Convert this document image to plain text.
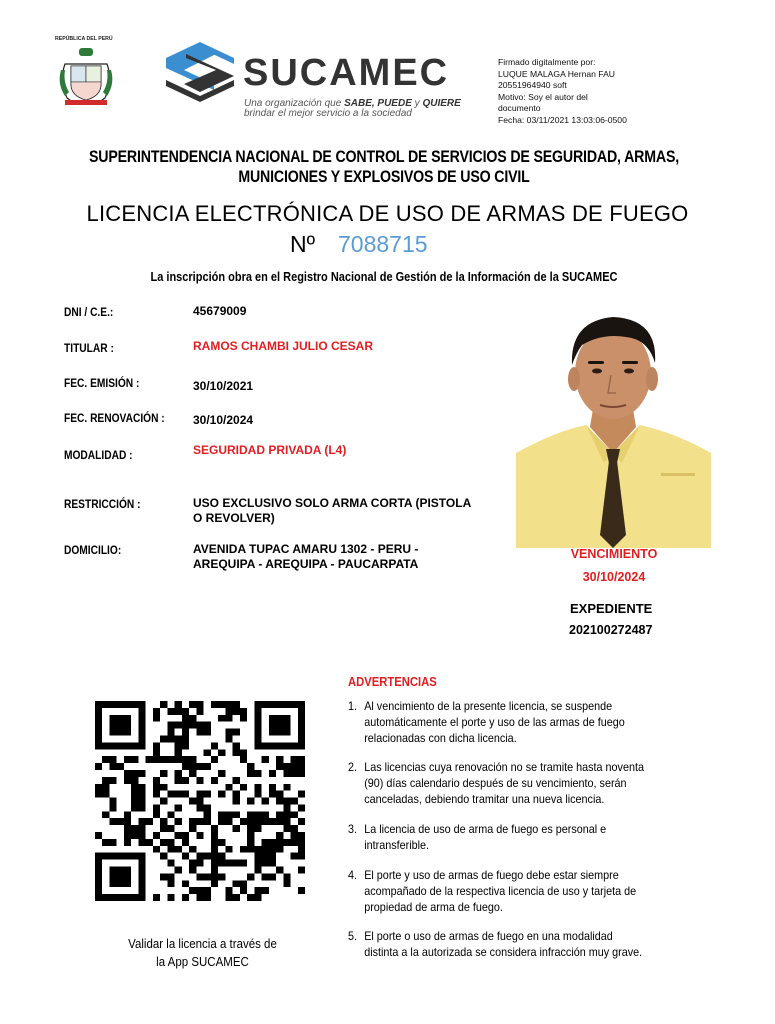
REPÚBLICA DEL PERÚ
SUCAMEC
Una organización que SABE, PUEDE y QUIERE
brindar el mejor servicio a la sociedad
Firmado digitalmente por:
LUQUE MALAGA Hernan FAU
20551964940 soft
Motivo: Soy el autor del
documento
Fecha: 03/11/2021 13:03:06-0500
SUPERINTENDENCIA NACIONAL DE CONTROL DE SERVICIOS DE SEGURIDAD, ARMAS,
MUNICIONES Y EXPLOSIVOS DE USO CIVIL
LICENCIA ELECTRÓNICA DE USO DE ARMAS DE FUEGO
Nº 7088715
La inscripción obra en el Registro Nacional de Gestión de la Información de la SUCAMEC
DNI / C.E.:	45679009
TITULAR :	RAMOS CHAMBI JULIO CESAR
FEC. EMISIÓN :	30/10/2021
FEC. RENOVACIÓN : 30/10/2024
MODALIDAD :	SEGURIDAD PRIVADA (L4)
RESTRICCIÓN :	USO EXCLUSIVO SOLO ARMA CORTA (PISTOLA
O REVOLVER)
DOMICILIO:	AVENIDA TUPAC AMARU 1302 - PERU -
AREQUIPA - AREQUIPA - PAUCARPATA
VENCIMIENTO
30/10/2024
EXPEDIENTE
202100272487
Validar la licencia a través de
la App SUCAMEC
ADVERTENCIAS
1. Al vencimiento de la presente licencia, se suspende
automáticamente el porte y uso de las armas de fuego
relacionadas con dicha licencia.
2. Las licencias cuya renovación no se tramite hasta noventa
(90) días calendario después de su vencimiento, serán
canceladas, debiendo tramitar una nueva licencia.
3. La licencia de uso de arma de fuego es personal e
intransferible.
4. El porte y uso de armas de fuego debe estar siempre
acompañado de la respectiva licencia de uso y tarjeta de
propiedad de arma de fuego.
5. El porte o uso de armas de fuego en una modalidad
distinta a la autorizada se considera infracción muy grave.
